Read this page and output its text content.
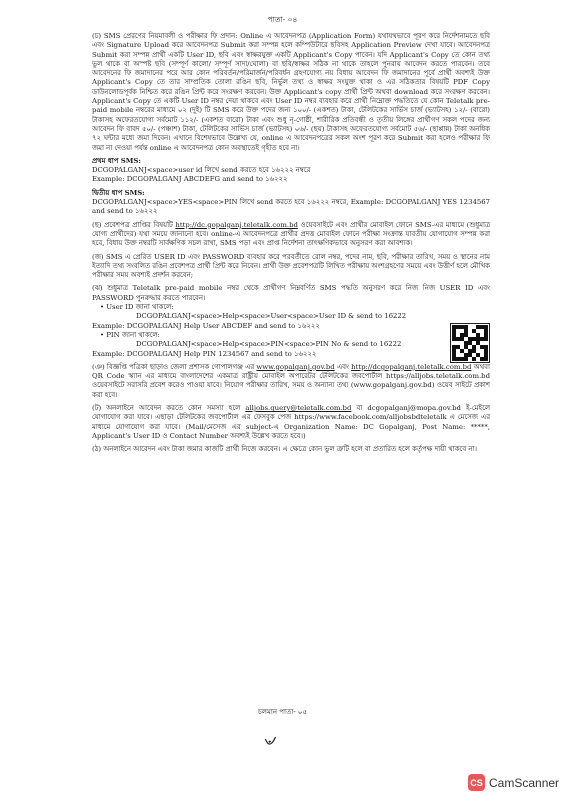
পাতা- ০৪

(চ) SMS প্রেরণের নিয়মাবলী ও পরীক্ষার ফি প্রদান: Online এ আবেদনপত্র (Application Form) যথাযথভাবে পূরণ করে নির্দেশনামতে ছবি এবং Signature Upload করে আবেদনপত্র Submit করা সম্পন্ন হলে কম্পিউটারে ছবিসহ Application Preview দেখা যাবে। আবেদনপত্র Submit করা সম্পন্ন প্রার্থী একটি User ID, ছবি এবং স্বাক্ষরযুক্ত একটি Applicant's Copy পাবেন। যদি Applicant's Copy তে কোন তথ্য ভুল থাকে বা অস্পষ্ট ছবি (সম্পূর্ণ কালো/ সম্পূর্ণ সাদা/ঘোলা) বা ছবি/স্বাক্ষর সঠিক না থাকে তাহলে পুনরায় আবেদন করতে পারবেন। তবে আবেদনের ফি জমাদানের পরে আর কোন পরিবর্তন/পরিমার্জন/পরিবর্ধন গ্রহণযোগ্য নয় বিধায় আবেদন ফি জমাদানের পূর্বে প্রার্থী অবশ্যই উক্ত Applicant's Copy তে তার সাম্প্রতিক তোলা রঙিন ছবি, নির্ভুল তথ্য ও স্বাক্ষর সংযুক্ত থাকা ও এর সঠিকতার বিষয়টি PDF Copy ডাউনলোডপূর্বক নিশ্চিত করে রঙিন প্রিন্ট করে সংরক্ষণ করবেন। উক্ত Applicant's copy প্রার্থী প্রিন্ট অথবা download করে সংরক্ষণ করবেন। Applicant's Copy তে একটি User ID নম্বর দেয়া থাকবে এবং User ID নম্বর ব্যবহার করে প্রার্থী নিম্নোক্ত পদ্ধতিতে যে কোন Teletalk pre-paid mobile নম্বরের মাধ্যমে ০২ (দুই) টি SMS করে উক্ত পদের জন্য ১০০/- (একশত) টাকা, টেলিটকের সার্ভিস চার্জ (ভ্যাটসহ) ১২/- (বারো) টাকাসহ অফেরতযোগ্য সর্বমোট ১১২/- (একশত বারো) টাকা এবং শুধু নৃ-গোষ্ঠী, শারীরিক প্রতিবন্ধী ও তৃতীয় লিঙ্গের প্রার্থীগণ সকল পদের জন্য আবেদন ফি বাবদ ৫০/- (পঞ্চাশ) টাকা, টেলিটকের সার্ভিস চার্জ (ভ্যাটসহ) ০৬/- (ছয়) টাকাসহ অফেরতযোগ্য সর্বমোট ৫৬/- (ছাপ্পান্ন) টাকা অনধিক ৭২ ঘন্টার মধ্যে জমা দিবেন। এখানে বিশেষভাবে উল্লেখ্য যে, online এ আবেদনপত্রের সকল অংশ পূরণ করে Submit করা হলেও পরীক্ষার ফি জমা না দেওয়া পর্যন্ত online এ আবেদনপত্র কোন অবস্থাতেই গৃহীত হবে না।

প্রথম ধাপ SMS:
DCGOPALGANJ<space>user id লিখে send করতে হবে ১৬২২২ নম্বরে

Example: DCGOPALGANJ ABCDEFG and send to ১৬২২২

দ্বিতীয় ধাপ SMS:

DCGOPALGANJ<space>YES<space>PIN লিখে send করতে হবে ১৬২২২ নম্বরে, Example: DCGOPALGANJ YES 1234567 and send to ১৬২২২

(ছ) প্রবেশপত্র প্রাপ্তির বিষয়টি http://dc.gopalganj.teletalk.com.bd ওয়েবসাইটে এবং প্রার্থীর মোবাইল ফোনে SMS-এর মাধ্যমে (শুধুমাত্র যোগ্য প্রার্থীদের) যথা সময়ে জানানো হবে। online-এ আবেদনপত্রে প্রার্থীর প্রদত্ত মোবাইল ফোনে পরীক্ষা সংক্রান্ত যাবতীয় যোগাযোগ সম্পন্ন করা হবে, বিধায় উক্ত নম্বরটি সার্বক্ষণিক সচল রাখা, SMS পড়া এবং প্রাপ্ত নির্দেশনা তাৎক্ষণিকভাবে অনুসরণ করা আবশ্যক।

(জ) SMS এ প্রেরিত USER ID এবং PASSWORD ব্যবহার করে পরবর্তীতে রোল নম্বর, পদের নাম, ছবি, পরীক্ষার তারিখ, সময় ও স্থানের নাম ইত্যাদি তথ্য সংবলিত রঙিন প্রবেশপত্র প্রার্থী প্রিন্ট করে নিবেন। প্রার্থী উক্ত প্রবেশপত্রটি লিখিত পরীক্ষায় অংশগ্রহণের সময়ে এবং উত্তীর্ণ হলে মৌখিক পরীক্ষার সময় অবশ্যই প্রদর্শন করবেন;

(ঝ) শুধুমাত্র Teletalk pre-paid mobile নম্বর থেকে প্রার্থীগণ নিম্নবর্ণিত SMS পদ্ধতি অনুসরণ করে নিজ নিজ USER ID এবং PASSWORD পুনরুদ্ধার করতে পারবেন।
• User ID জানা থাকলে:
DCGOPALGANJ<space>Help<space>User<space>User ID & send to 16222
Example: DCGOPALGANJ Help User ABCDEF and send to ১৬২২২
• PIN জানা থাকলে:
DCGOPALGANJ<space>Help<space>PIN<space>PIN No & send to 16222

Example: DCGOPALGANJ Help PIN 1234567 and send to ১৬২২২

(ঞ) বিজ্ঞপ্তি পত্রিকা ছাড়াও জেলা প্রশাসক গোপালগঞ্জ এর www.gopalganj.gov.bd এবং http://dcgopalganj.teletalk.com.bd অথবা QR Code স্ক্যান এর মাধ্যমে বাংলাদেশের একমাত্র রাষ্ট্রীয় মোবাইল অপারেটর টেলিটকের জবপোর্টাল https://alljobs.teletalk.com.bd ওয়েবসাইটে সরাসরি প্রবেশ করেও পাওয়া যাবে। নিয়োগ পরীক্ষার তারিখ, সময় ও অন্যান্য তথ্য (www.gopalganj.gov.bd) ওয়েব সাইটে প্রকাশ করা হবে।

(ট) অনলাইনে আবেদন করতে কোন সমস্যা হলে alljobs.query@teletalk.com.bd বা dcgopalganj@mopa.gov.bd ই-মেইলে যোগাযোগ করা যাবে। এছাড়া টেলিটকের জবপোর্টাল এর ফেসবুক পেজ https://www.facebook.com/alljobsbdteletalk এ মেসেজ এর মাধ্যমে যোগাযোগ করা যাবে। (Mail/মেসেজ এর subject-এ Organization Name: DC Gopalganj, Post Name: *****, Applicant's User ID ও Contact Number অবশ্যই উল্লেখ করতে হবে।)

(ঠ) অনলাইনে আবেদন এবং টাকা জমার কাজটি প্রার্থী নিজে করবেন। এ ক্ষেত্রে কোন ভুল ত্রুটি হলে বা প্রতারিত হলে কর্তৃপক্ষ দায়ী থাকবে না।

চলমান পাতা- ০৫
৺
CS CamScanner
